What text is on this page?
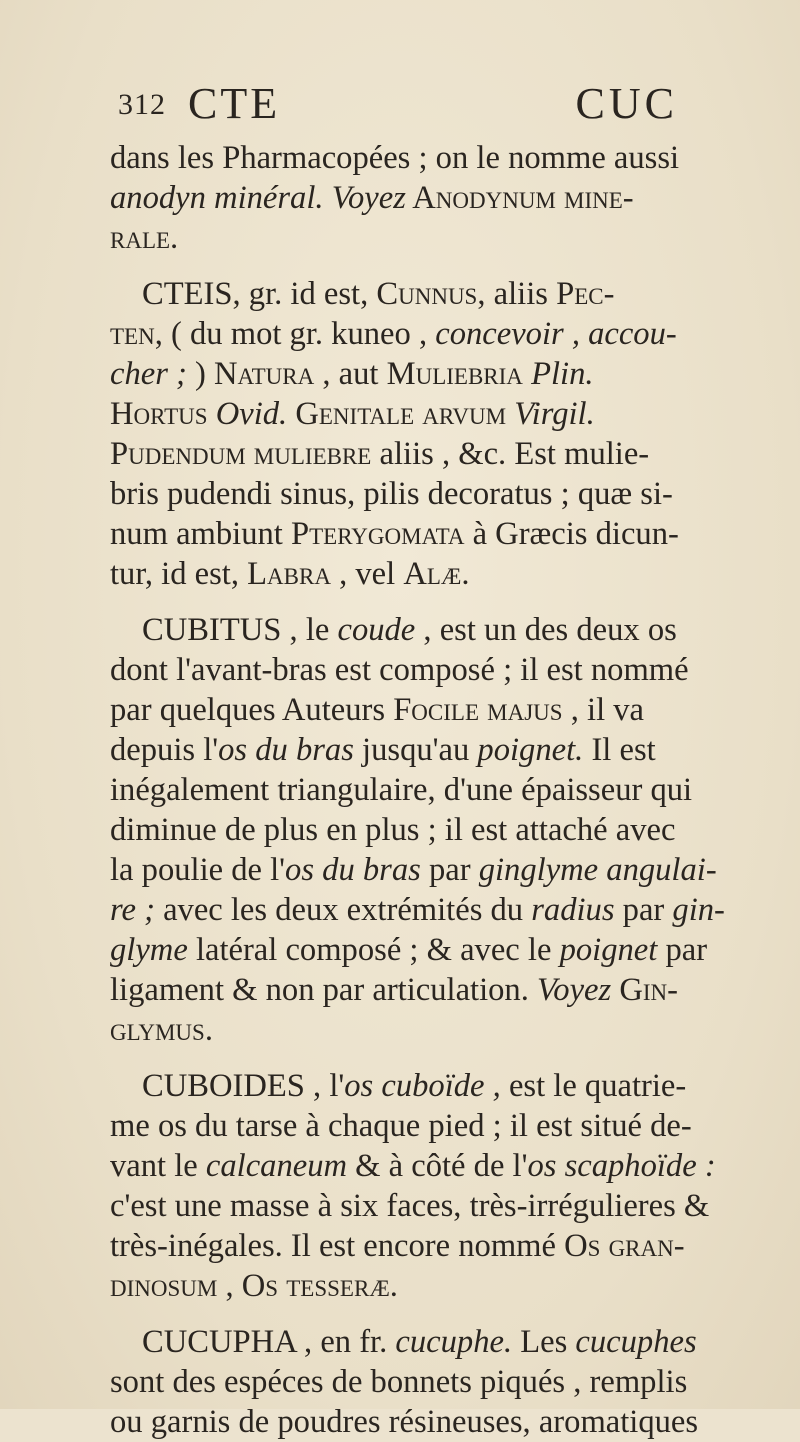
312 CTE	CUC
dans les Pharmacopées ; on le nomme aussi
anodyn minéral. Voyez Anodynum mine-
rale.
CTEIS, gr. id est, Cunnus, aliis Pec-
ten, ( du mot gr. kuneo , concevoir , accou-
cher ; ) Natura , aut Muliebria Plin.
Hortus Ovid. Genitale arvum Virgil.
Pudendum muliebre aliis , &c. Est mulie-
bris pudendi sinus, pilis decoratus ; quæ si-
num ambiunt Pterygomata à Græcis dicun-
tur, id est, Labra , vel Alæ.
CUBITUS , le coude , est un des deux os
dont l'avant-bras est composé ; il est nommé
par quelques Auteurs Focile majus , il va
depuis l'os du bras jusqu'au poignet. Il est
inégalement triangulaire, d'une épaisseur qui
diminue de plus en plus ; il est attaché avec
la poulie de l'os du bras par ginglyme angulai-
re ; avec les deux extrémités du radius par gin-
glyme latéral composé ; & avec le poignet par
ligament & non par articulation. Voyez Gin-
glymus.
CUBOIDES , l'os cuboïde , est le quatrie-
me os du tarse à chaque pied ; il est situé de-
vant le calcaneum & à côté de l'os scaphoïde :
c'est une masse à six faces, très-irrégulieres &
très-inégales. Il est encore nommé Os gran-
dinosum , Os tesseræ.
CUCUPHA , en fr. cucuphe. Les cucuphes
sont des espéces de bonnets piqués , remplis
ou garnis de poudres résineuses, aromatiques
